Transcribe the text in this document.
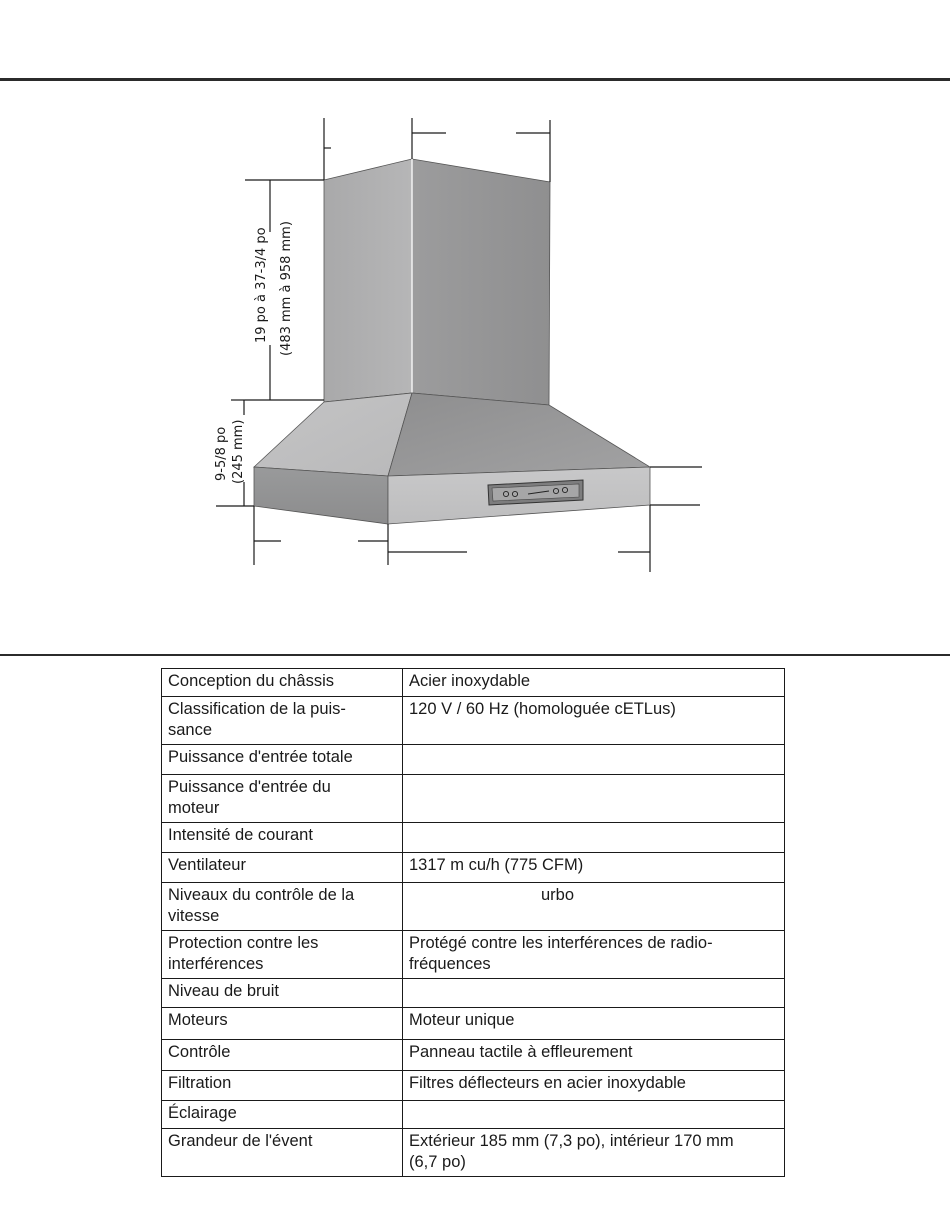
19 po à 37-3/4 po (483 mm à 958 mm)
9-5/8 po (245 mm)
Conception du châssis	Acier inoxydable
Classification de la puis-
sance	120 V / 60 Hz (homologuée cETLus)
Puissance d'entrée totale	
Puissance d'entrée du
moteur	
Intensité de courant	
Ventilateur	1317 m cu/h (775 CFM)
Niveaux du contrôle de la
vitesse	urbo
Protection contre les
interférences	Protégé contre les interférences de radio-
fréquences
Niveau de bruit	
Moteurs	Moteur unique
Contrôle	Panneau tactile à effleurement
Filtration	Filtres déflecteurs en acier inoxydable
Éclairage	
Grandeur de l'évent	Extérieur 185 mm (7,3 po), intérieur 170 mm
(6,7 po)
